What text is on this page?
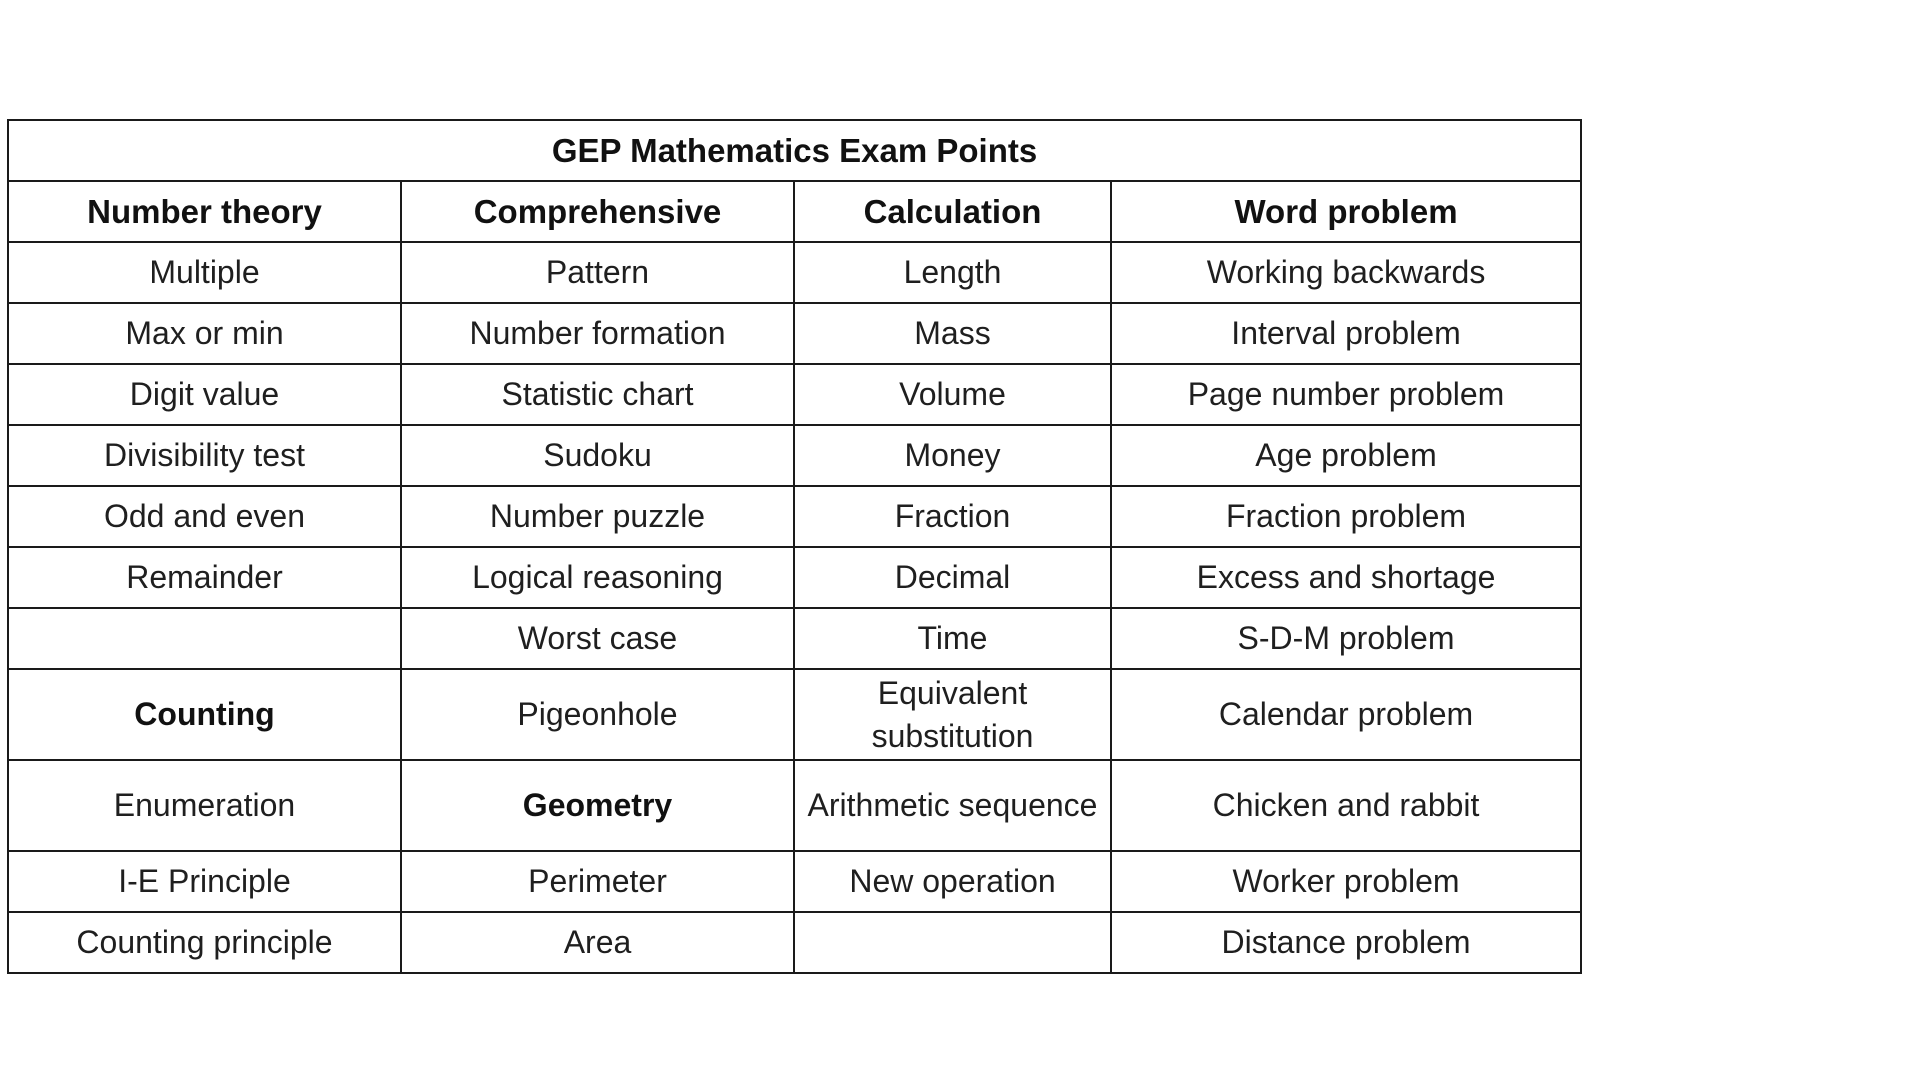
GEP Mathematics Exam Points			
Number theory	Comprehensive	Calculation	Word problem
Multiple	Pattern	Length	Working backwards
Max or min	Number formation	Mass	Interval problem
Digit value	Statistic chart	Volume	Page number problem
Divisibility test	Sudoku	Money	Age problem
Odd and even	Number puzzle	Fraction	Fraction problem
Remainder	Logical reasoning	Decimal	Excess and shortage
	Worst case	Time	S-D-M problem
Counting	Pigeonhole	Equivalent substitution	Calendar problem
Enumeration	Geometry	Arithmetic sequence	Chicken and rabbit
I-E Principle	Perimeter	New operation	Worker problem
Counting principle	Area		Distance problem
